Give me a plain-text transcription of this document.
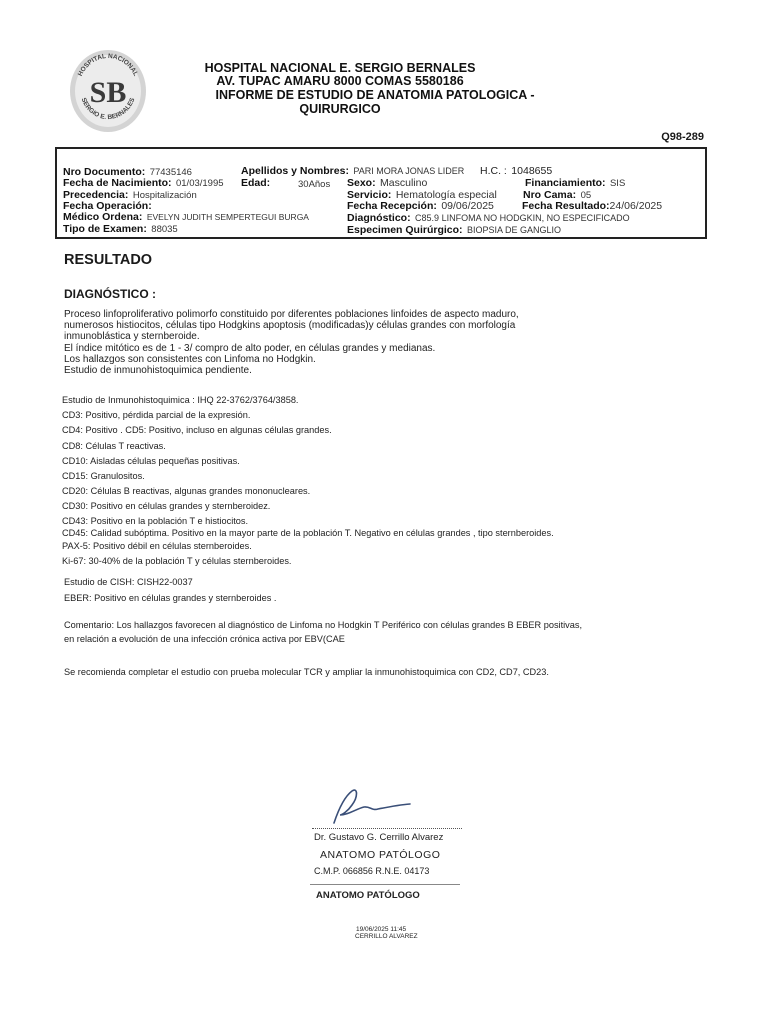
HOSPITAL NACIONAL
SERGIO E. BERNALES
SB
HOSPITAL NACIONAL E. SERGIO BERNALES
AV. TUPAC AMARU 8000 COMAS 5580186
INFORME DE ESTUDIO DE ANATOMIA PATOLOGICA -
QUIRURGICO
Q98-289
Nro Documento: 77435146
Fecha de Nacimiento: 01/03/1995
Precedencia: Hospitalización
Fecha Operación:
Médico Ordena: EVELYN JUDITH SEMPERTEGUI BURGA
Tipo de Examen: 88035
Apellidos y Nombres: PARI MORA JONAS LIDER H.C. : 1048655
Edad:	30Años Sexo: Masculino
Servicio: Hematología especial
Fecha Recepción: 09/06/2025
Diagnóstico: C85.9 LINFOMA NO HODGKIN, NO ESPECIFICADO
Especimen Quirúrgico: BIOPSIA DE GANGLIO
Financiamiento: SIS
Nro Cama: 05
Fecha Resultado:24/06/2025
RESULTADO
DIAGNÓSTICO :
Proceso linfoproliferativo polimorfo constituido por diferentes poblaciones linfoides de aspecto maduro,
numerosos histiocitos, células tipo Hodgkins apoptosis (modificadas)y células grandes con morfología
inmunoblástica y sternberoide.
El índice mitótico es de 1 - 3/ compro de alto poder, en células grandes y medianas.
Los hallazgos son consistentes con Linfoma no Hodgkin.
Estudio de inmunohistoquimica pendiente.
Estudio de Inmunohistoquimica : IHQ 22-3762/3764/3858.
CD3: Positivo, pérdida parcial de la expresión.
CD4: Positivo . CD5: Positivo, incluso en algunas células grandes.
CD8: Células T reactivas.
CD10: Aisladas células pequeñas positivas.
CD15: Granulositos.
CD20: Células B reactivas, algunas grandes mononucleares.
CD30: Positivo en células grandes y sternberoidez.
CD43: Positivo en la población T e histiocitos.
CD45: Calidad subóptima. Positivo en la mayor parte de la población T. Negativo en células grandes , tipo sternberoides.
PAX-5: Positivo débil en células sternberoides.
Ki-67: 30-40% de la población T y células sternberoides.
Estudio de CISH: CISH22-0037
EBER: Positivo en células grandes y sternberoides .
Comentario: Los hallazgos favorecen al diagnóstico de Linfoma no Hodgkin T Periférico con células grandes B EBER positivas,
en relación a evolución de una infección crónica activa por EBV(CAE
Se recomienda completar el estudio con prueba molecular TCR y ampliar la inmunohistoquimica con CD2, CD7, CD23.
Dr. Gustavo G. Cerrillo Alvarez
ANATOMO PATÓLOGO
C.M.P. 066856 R.N.E. 04173
ANATOMO PATÓLOGO
19/06/2025 11:45
CERRILLO ALVAREZ
